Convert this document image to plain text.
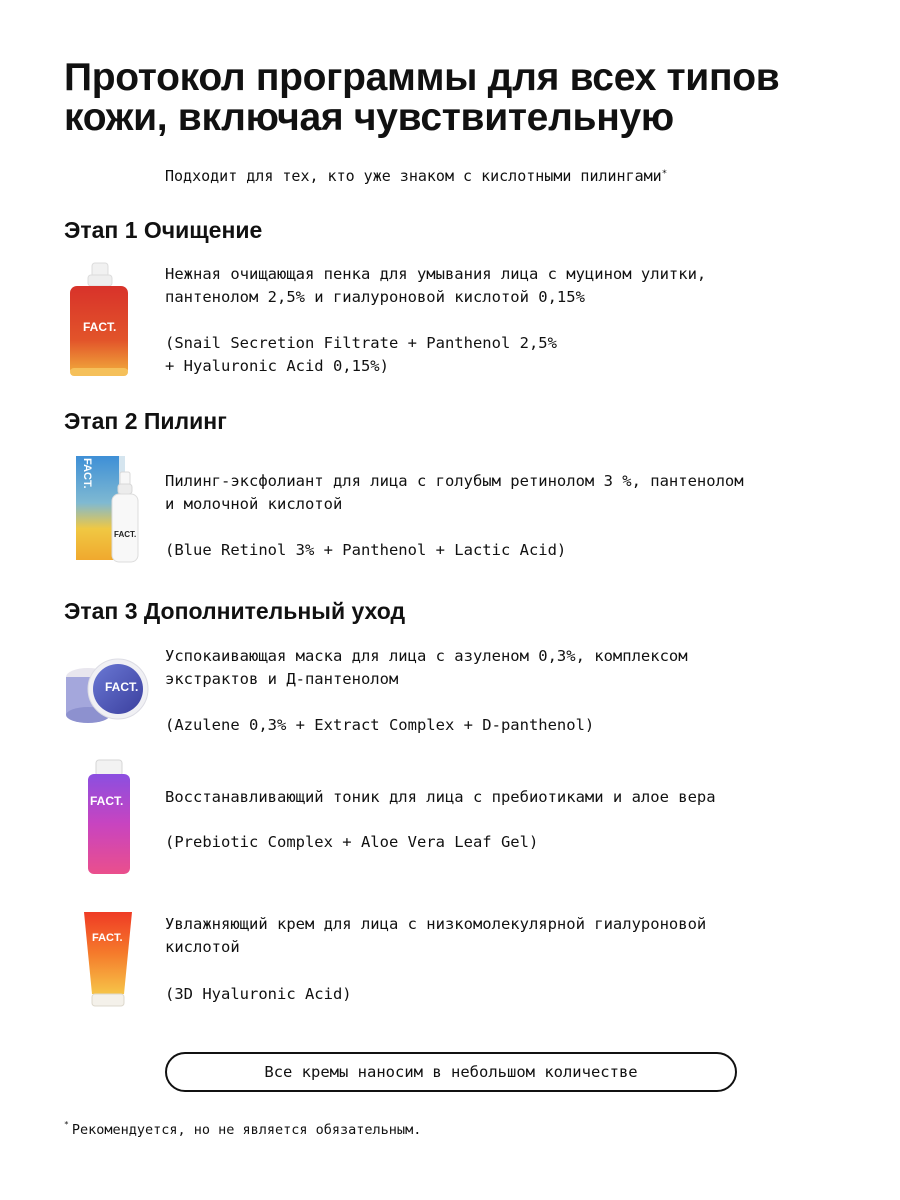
Протокол программы для всех типов
кожи, включая чувствительную
Подходит для тех, кто уже знаком с кислотными пилингами*
Этап 1 Очищение
FACT.
Нежная очищающая пенка для умывания лица с муцином улитки,
пантенолом 2,5% и гиалуроновой кислотой 0,15%
(Snail Secretion Filtrate + Panthenol 2,5%
+ Hyaluronic Acid 0,15%)
Этап 2 Пилинг
FACT.
FACT.
Пилинг-эксфолиант для лица с голубым ретинолом 3 %, пантенолом
и молочной кислотой
(Blue Retinol 3% + Panthenol + Lactic Acid)
Этап 3 Дополнительный уход
FACT.
Успокаивающая маска для лица с азуленом 0,3%, комплексом
экстрактов и Д-пантенолом
(Azulene 0,3% + Extract Complex + D-panthenol)
FACT.	Восстанавливающий тоник для лица с пребиотиками и алое вера
(Prebiotic Complex + Aloe Vera Leaf Gel)
FACT.
Увлажняющий крем для лица с низкомолекулярной гиалуроновой
кислотой
(3D Hyaluronic Acid)
Все кремы наносим в небольшом количестве
* Рекомендуется, но не является обязательным.
